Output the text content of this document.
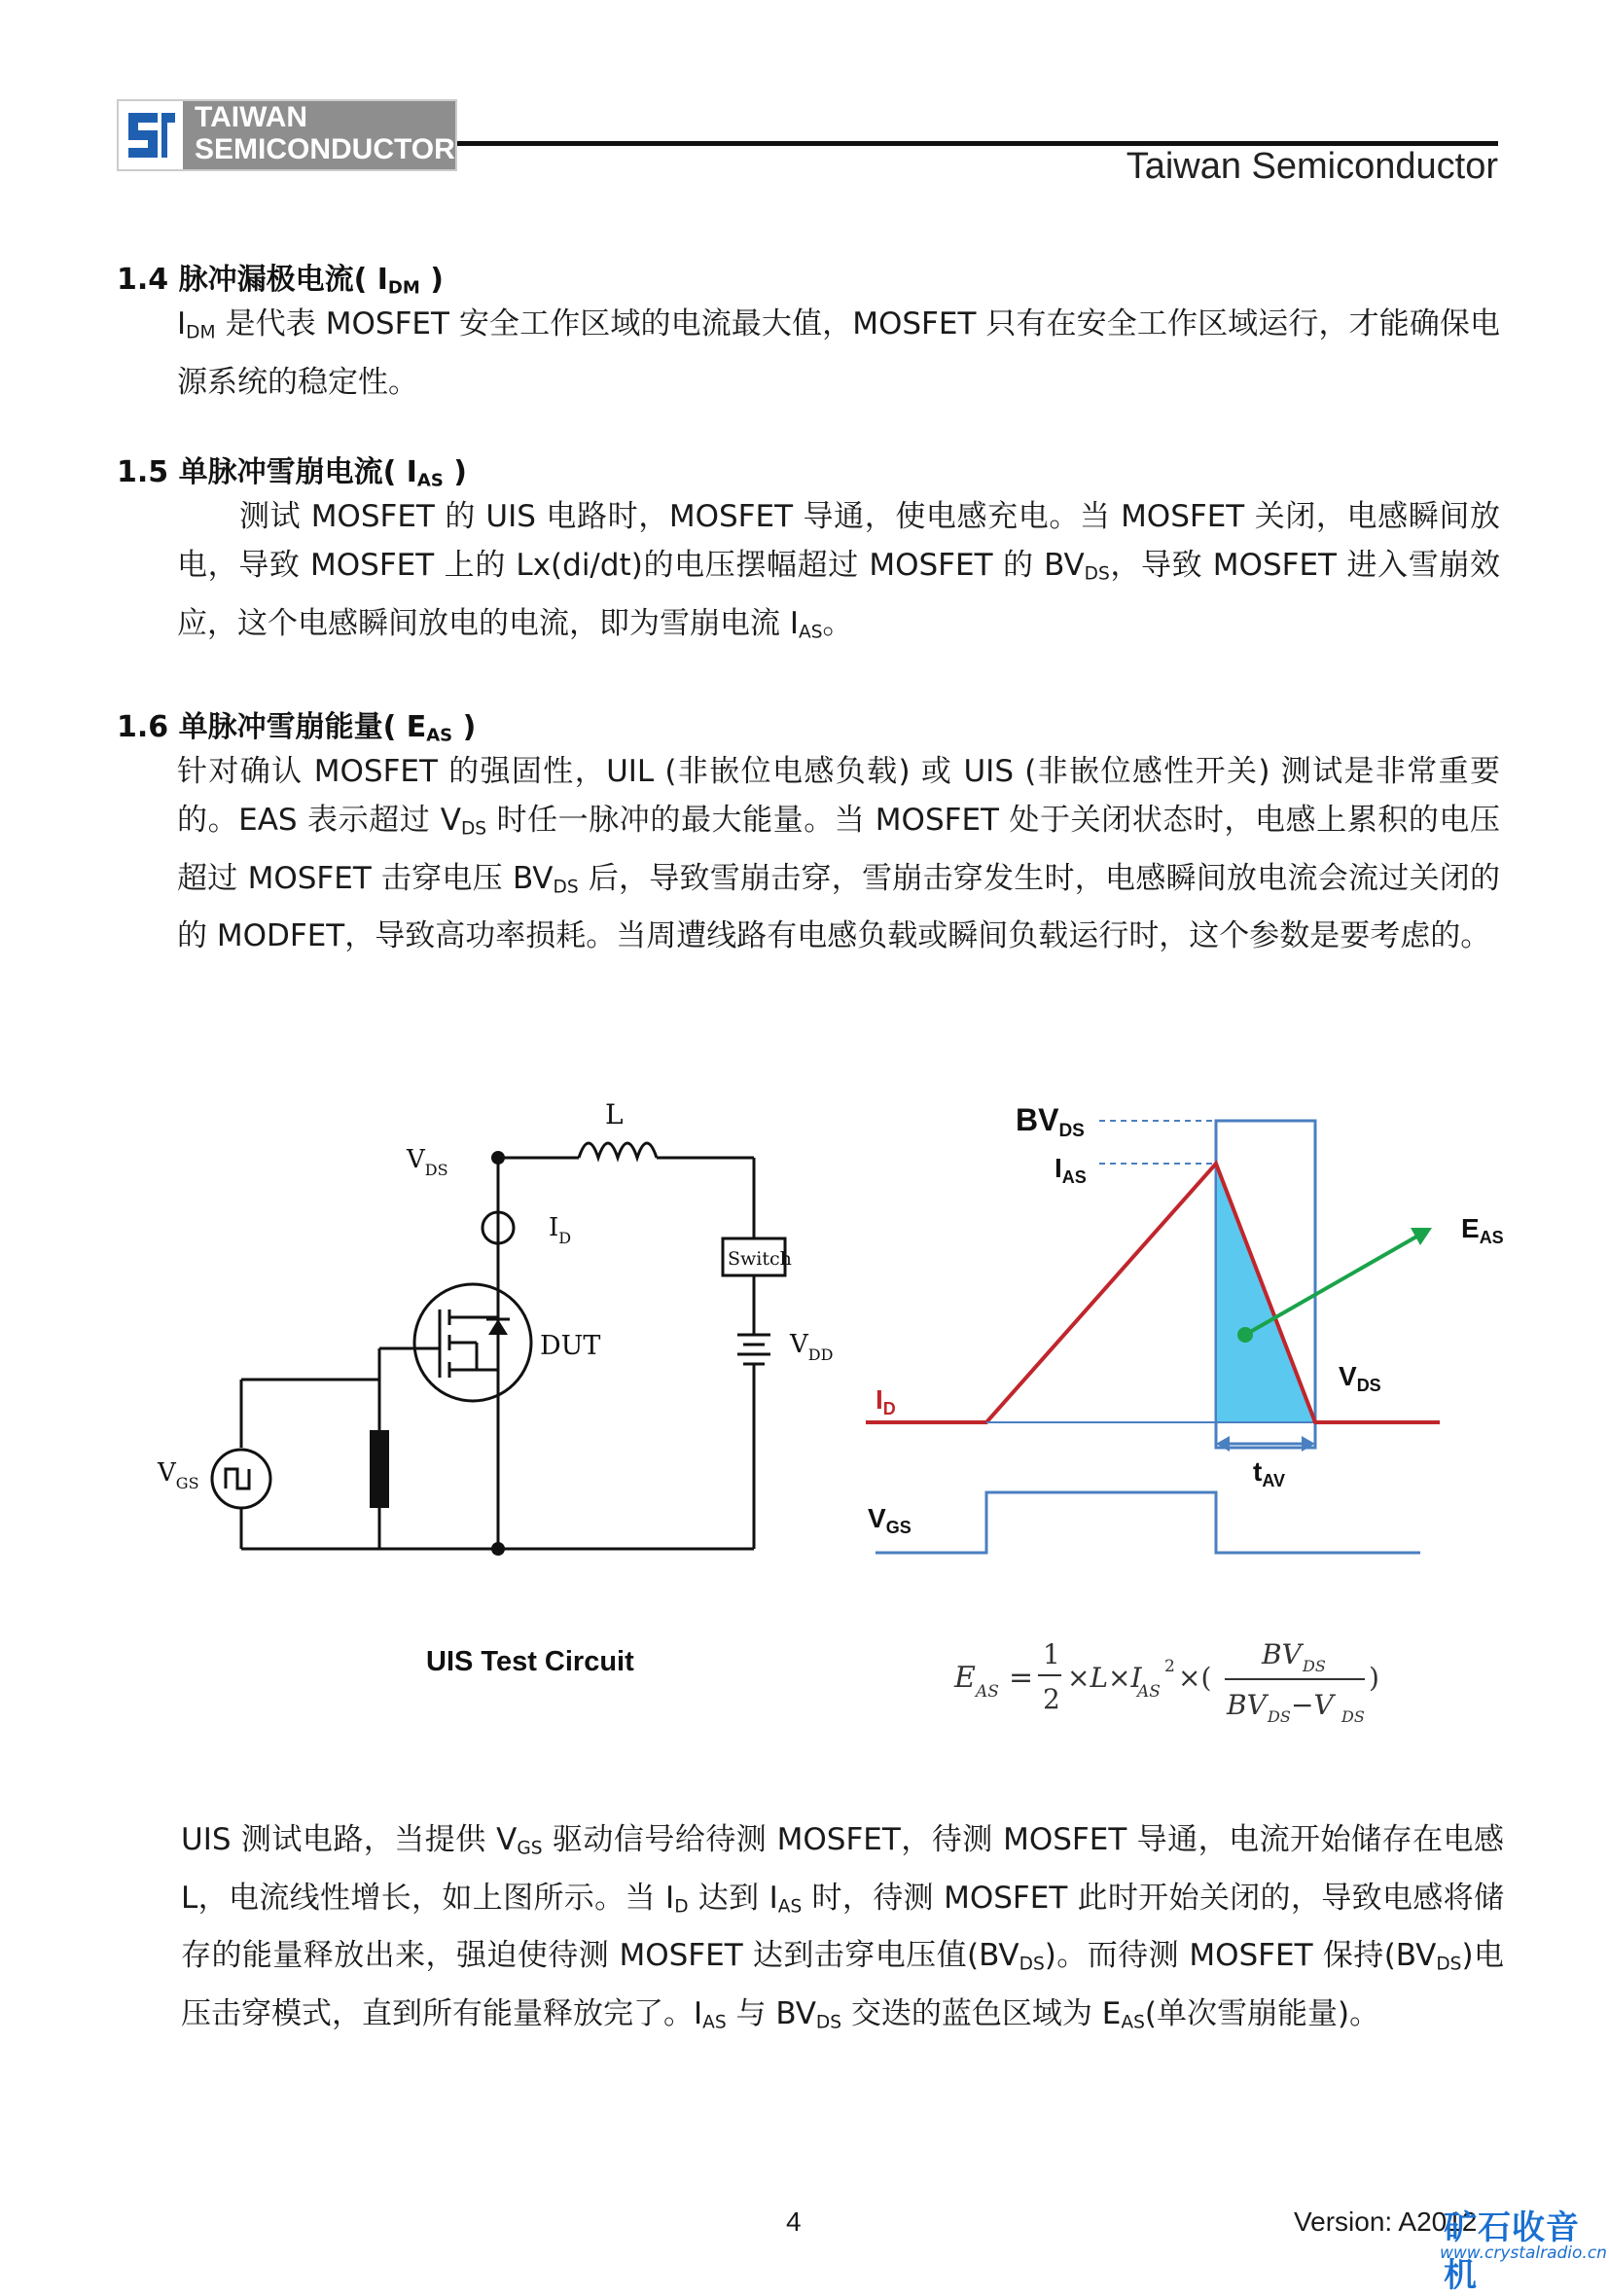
TAIWAN
SEMICONDUCTOR	Taiwan Semiconductor
1.4 脉冲漏极电流( $I_{DM}$ )
$I_{DM}$ 是代表 MOSFET 安全工作区域的电流最大值，MOSFET 只有在安全工作区域运行，才能确保电源系统的稳定性。
1.5 单脉冲雪崩电流( $I_{AS}$ )
测试 MOSFET 的 UIS 电路时，MOSFET 导通，使电感充电。当 MOSFET 关闭，电感瞬间放电，导致 MOSFET 上的 Lx(di/dt)的电压摆幅超过 MOSFET 的 $BV_{DS}$，导致 MOSFET 进入雪崩效应，这个电感瞬间放电的电流，即为雪崩电流 $I_{AS}$。
1.6 单脉冲雪崩能量( $E_{AS}$ )
针对确认 MOSFET 的强固性，UIL (非嵌位电感负载) 或 UIS (非嵌位感性开关) 测试是非常重要的。EAS 表示超过 $V_{DS}$ 时任一脉冲的最大能量。当 MOSFET 处于关闭状态时，电感上累积的电压超过 MOSFET 击穿电压 $BV_{DS}$ 后，导致雪崩击穿，雪崩击穿发生时，电感瞬间放电流会流过关闭的的 MODFET，导致高功率损耗。当周遭线路有电感负载或瞬间负载运行时，这个参数是要考虑的。
L
$V_{DS}$
$I_D$
Switch
DUT	$V_{DD}$
$V_{GS}$
UIS Test Circuit
BVDS
$I_{AS}$
$E_{AS}$
$V_{DS}$
$I_D$
$t_{AV}$
$V_{GS}$
E AS =
1
2
×L×I
AS
2 ×(
BV DS
BV DS −V DS
)
UIS 测试电路，当提供 $V_{GS}$ 驱动信号给待测 MOSFET，待测 MOSFET 导通，电流开始储存在电感 L，电流线性增长，如上图所示。当 $I_D$ 达到 $I_{AS}$ 时，待测 MOSFET 此时开始关闭的，导致电感将储存的能量释放出来，强迫使待测 MOSFET 达到击穿电压值$(BV_{DS})$。而待测 MOSFET 保持$(BV_{DS})$电压击穿模式，直到所有能量释放完了。$I_{AS}$ 与 $BV_{DS}$ 交迭的蓝色区域为 $E_{AS}$(单次雪崩能量)。
4	Version: A2012
矿石收音机
www.crystalradio.cn
